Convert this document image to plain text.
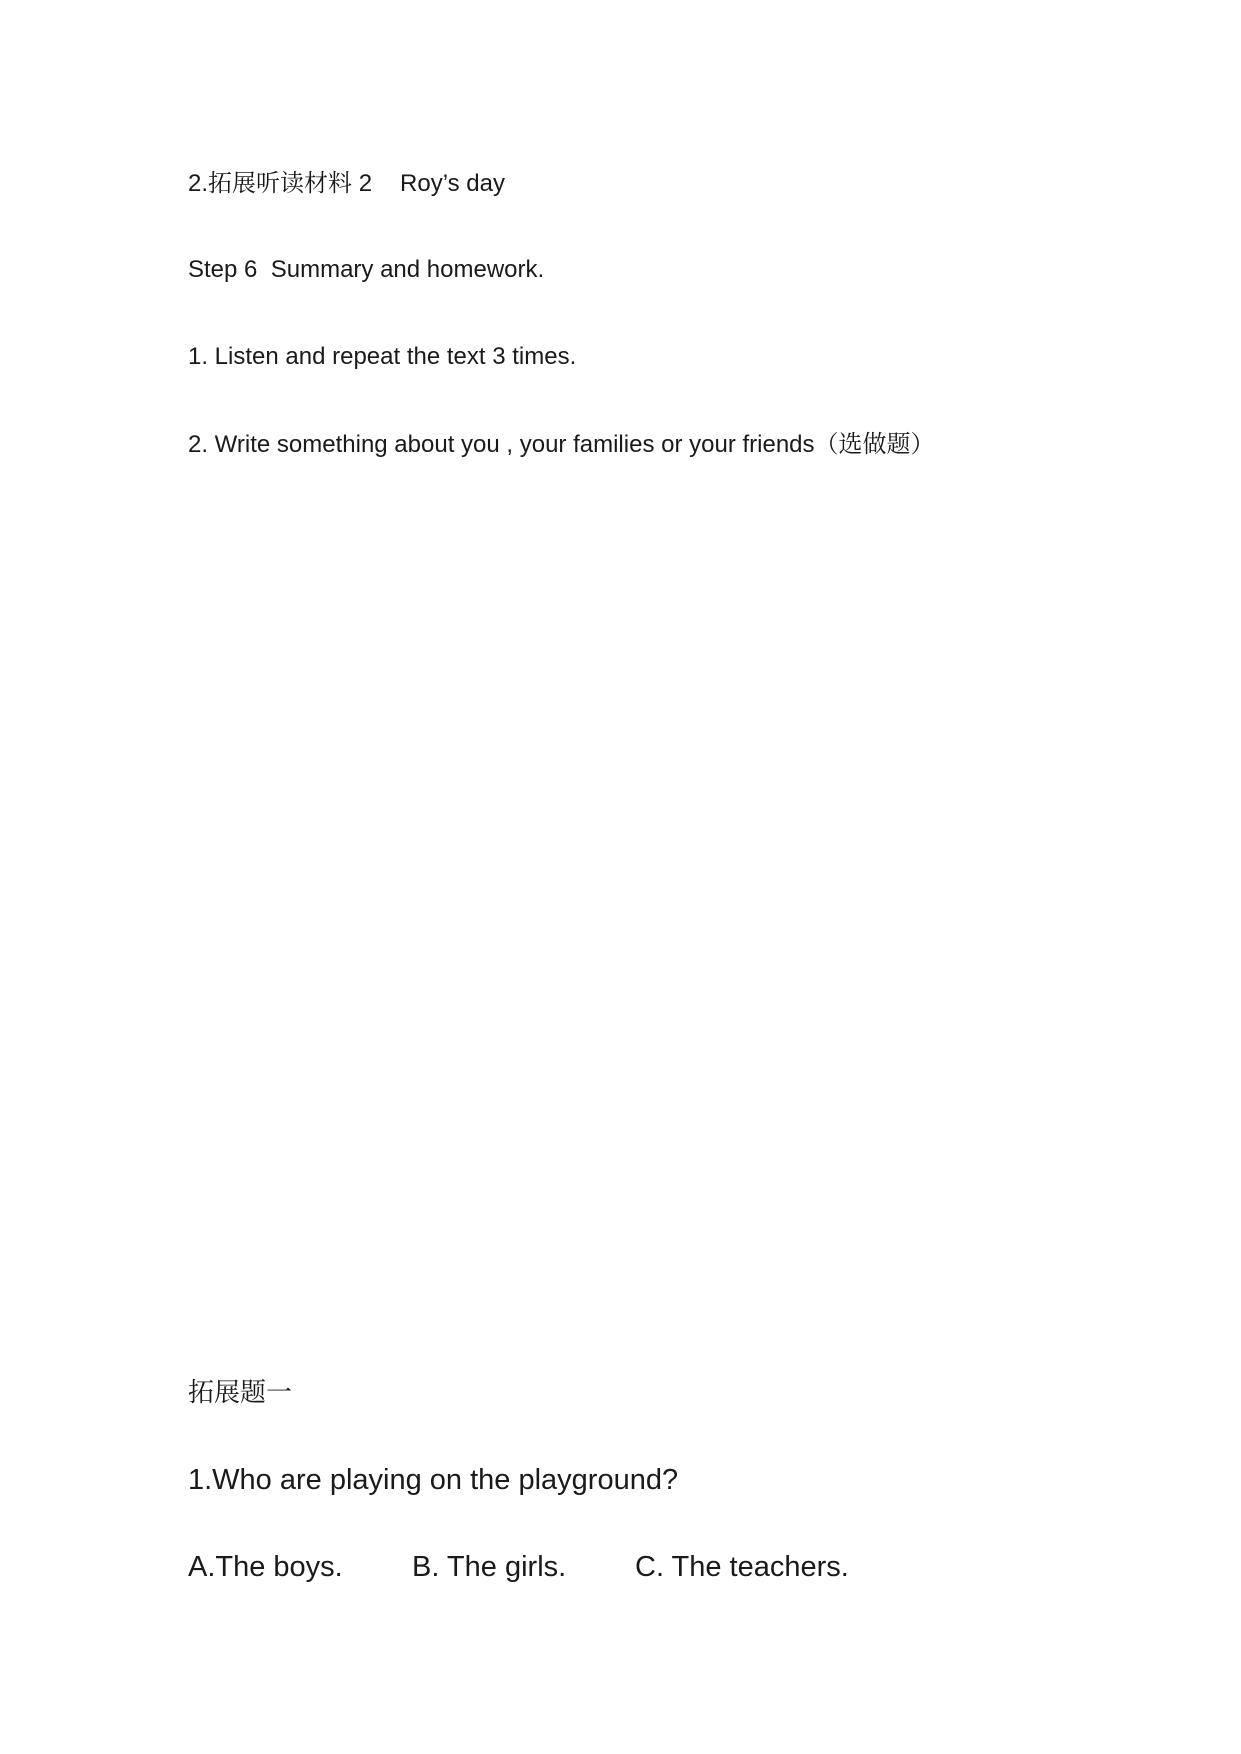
2.拓展听读材料 2 Roy’s day
Step 6  Summary and homework.
1. Listen and repeat the text 3 times.
2. Write something about you , your families or your friends（选做题）
拓展题一
1.Who are playing on the playground?
A.The boys. B. The girls. C. The teachers.
